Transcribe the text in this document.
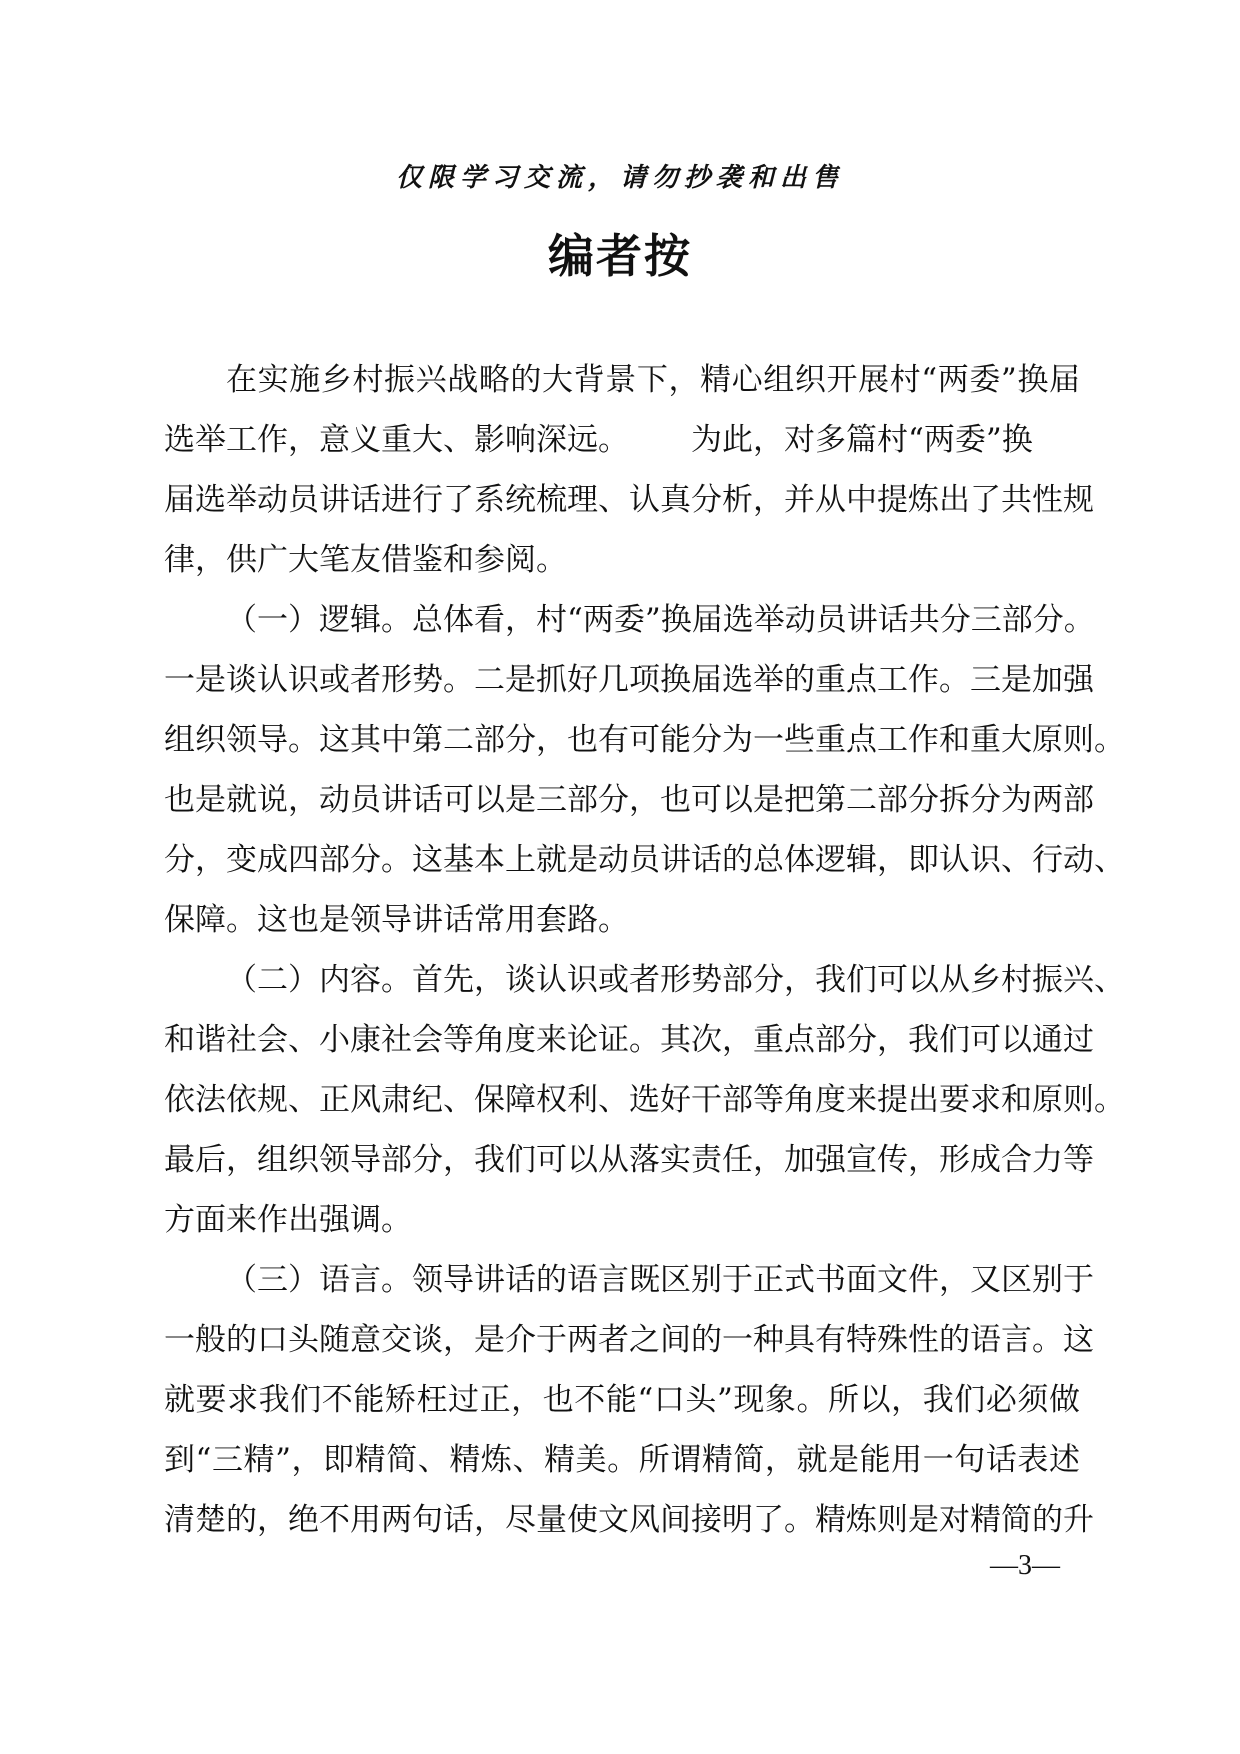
仅限学习交流，请勿抄袭和出售
编者按
在实施乡村振兴战略的大背景下，精心组织开展村“两委”换届
选举工作，意义重大、影响深远。 为此，对多篇村“两委”换
届选举动员讲话进行了系统梳理、认真分析，并从中提炼出了共性规
律，供广大笔友借鉴和参阅。
（一）逻辑。总体看，村“两委”换届选举动员讲话共分三部分。
一是谈认识或者形势。二是抓好几项换届选举的重点工作。三是加强
组织领导。这其中第二部分，也有可能分为一些重点工作和重大原则。
也是就说，动员讲话可以是三部分，也可以是把第二部分拆分为两部
分，变成四部分。这基本上就是动员讲话的总体逻辑，即认识、行动、
保障。这也是领导讲话常用套路。
（二）内容。首先，谈认识或者形势部分，我们可以从乡村振兴、
和谐社会、小康社会等角度来论证。其次，重点部分，我们可以通过
依法依规、正风肃纪、保障权利、选好干部等角度来提出要求和原则。
最后，组织领导部分，我们可以从落实责任，加强宣传，形成合力等
方面来作出强调。
（三）语言。领导讲话的语言既区别于正式书面文件，又区别于
一般的口头随意交谈，是介于两者之间的一种具有特殊性的语言。这
就要求我们不能矫枉过正，也不能“口头”现象。所以，我们必须做
到“三精”，即精简、精炼、精美。所谓精简，就是能用一句话表述
清楚的，绝不用两句话，尽量使文风间接明了。精炼则是对精简的升
—3—
